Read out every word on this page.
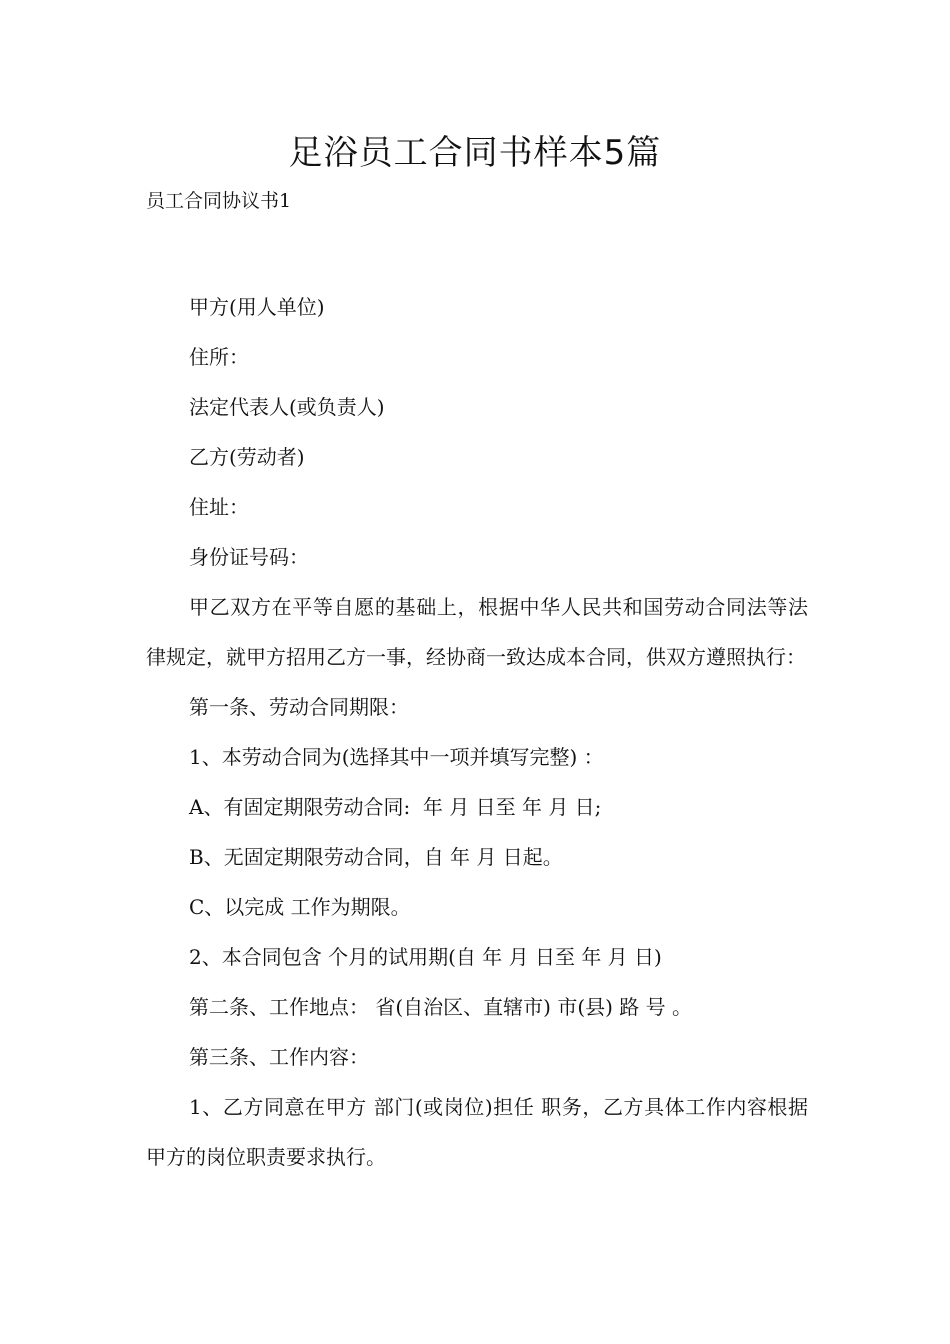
足浴员工合同书样本5篇
员工合同协议书1

甲方(用人单位)

住所：

法定代表人(或负责人)

乙方(劳动者)

住址：

身份证号码：

甲乙双方在平等自愿的基础上，根据中华人民共和国劳动合同法等法律规定，就甲方招用乙方一事，经协商一致达成本合同，供双方遵照执行：

第一条、劳动合同期限：

1、本劳动合同为(选择其中一项并填写完整) ：

A、有固定期限劳动合同:  年 月 日至 年 月 日;

B、无固定期限劳动合同，自 年 月 日起。

C、以完成 工作为期限。

2、本合同包含 个月的试用期(自 年 月 日至 年 月 日)

第二条、工作地点： 省(自治区、直辖市) 市(县) 路 号 。

第三条、工作内容：

1、乙方同意在甲方 部门(或岗位)担任 职务，乙方具体工作内容根据甲方的岗位职责要求执行。
